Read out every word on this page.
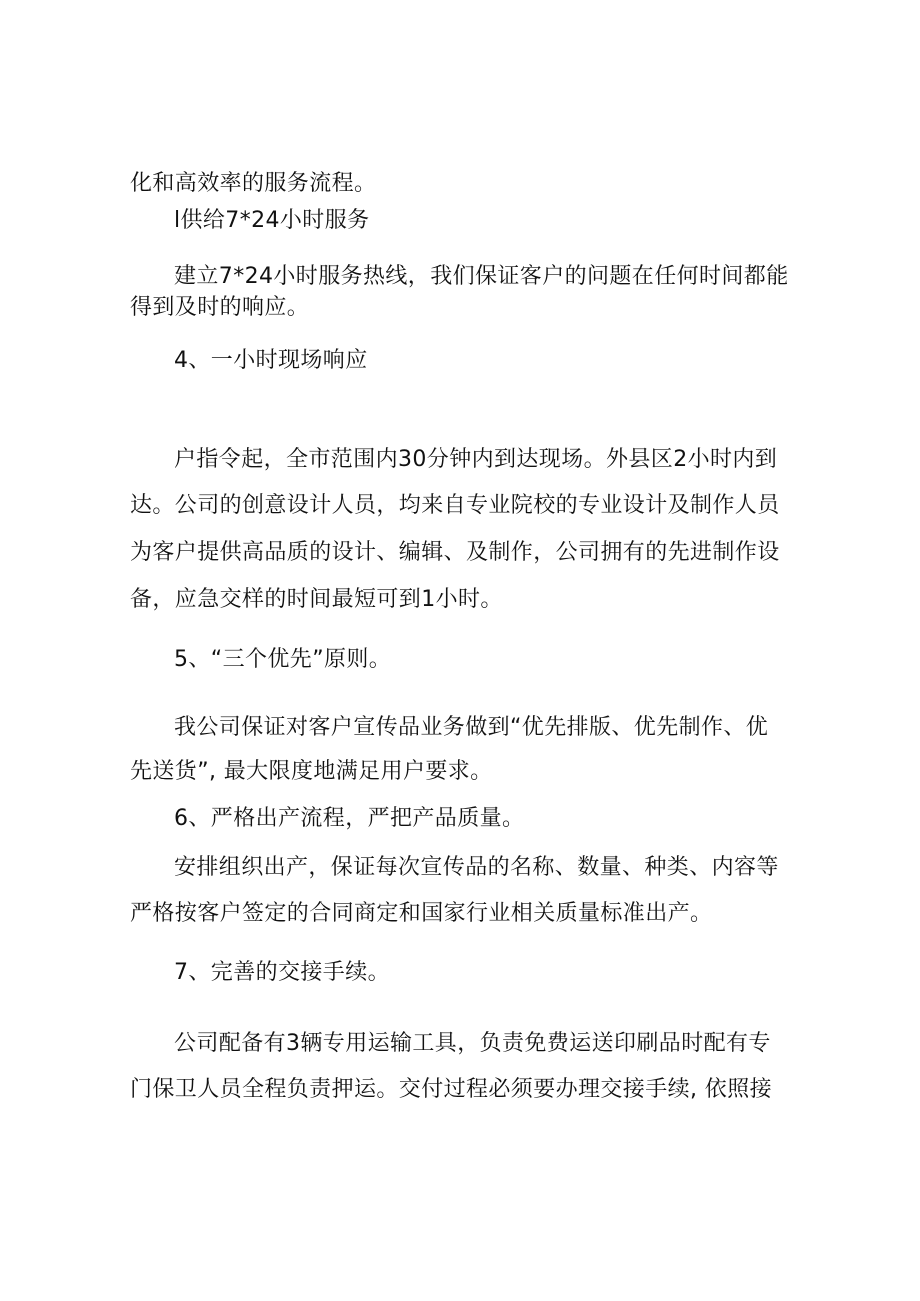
化和高效率的服务流程。
l供给7*24小时服务
建立7*24小时服务热线，我们保证客户的问题在任何时间都能
得到及时的响应。
4、一小时现场响应
户指令起，全市范围内30分钟内到达现场。外县区2小时内到
达。公司的创意设计人员，均来自专业院校的专业设计及制作人员
为客户提供高品质的设计、编辑、及制作，公司拥有的先进制作设
备，应急交样的时间最短可到1小时。
5、“三个优先”原则。
我公司保证对客户宣传品业务做到“优先排版、优先制作、优
先送货”, 最大限度地满足用户要求。
6、严格出产流程，严把产品质量。
安排组织出产，保证每次宣传品的名称、数量、种类、内容等
严格按客户签定的合同商定和国家行业相关质量标准出产。
7、完善的交接手续。
公司配备有3辆专用运输工具，负责免费运送印刷品时配有专
门保卫人员全程负责押运。交付过程必须要办理交接手续, 依照接
